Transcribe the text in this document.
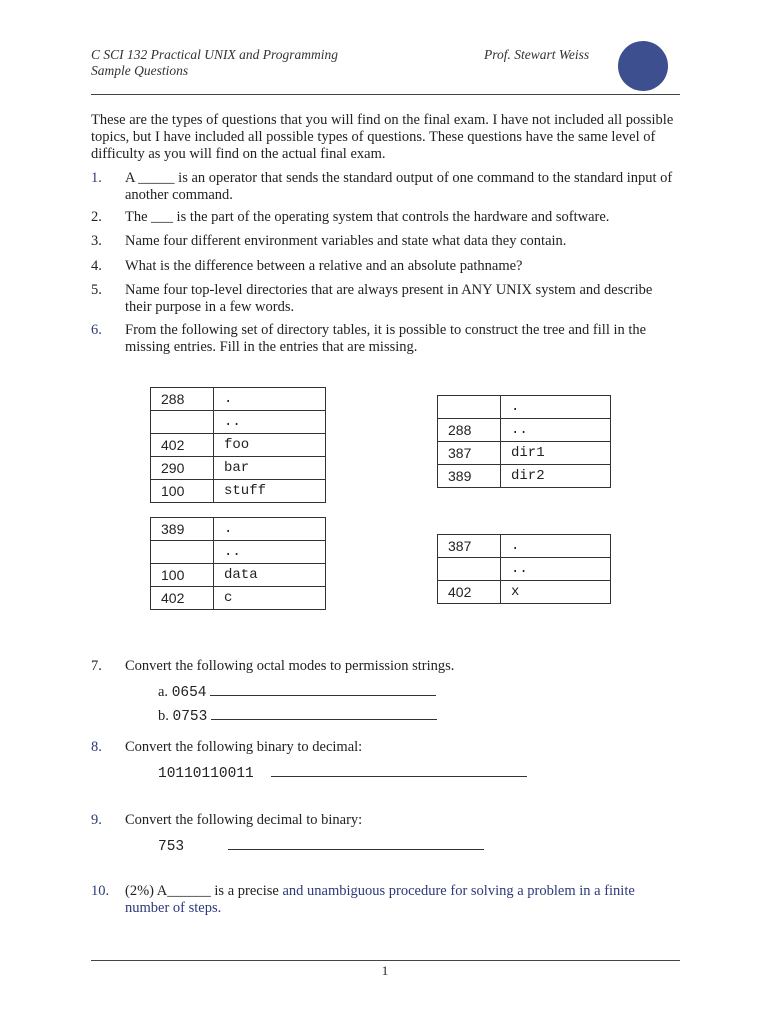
C SCI 132 Practical UNIX and Programming
Sample Questions
Prof. Stewart Weiss
These are the types of questions that you will find on the final exam. I have not included all possible topics, but I have included all possible types of questions. These questions have the same level of difficulty as you will find on the actual final exam.
1. A _____ is an operator that sends the standard output of one command to the standard input of another command.
2. The ___ is the part of the operating system that controls the hardware and software.
3. Name four different environment variables and state what data they contain.
4. What is the difference between a relative and an absolute pathname?
5. Name four top-level directories that are always present in ANY UNIX system and describe their purpose in a few words.
6. From the following set of directory tables, it is possible to construct the tree and fill in the missing entries. Fill in the entries that are missing.
7. Convert the following octal modes to permission strings.
8. Convert the following binary to decimal:
9. Convert the following decimal to binary:
10. (2%) A______ is a precise and unambiguous procedure for solving a problem in a finite number of steps.
288	.
	..
402	foo
290	bar
100	stuff
389	.
	..
100	data
402	c
	.
288	..
387	dir1
389	dir2
387	.
	..
402	x
a. 0654
b. 0753
10110110011
753
1
